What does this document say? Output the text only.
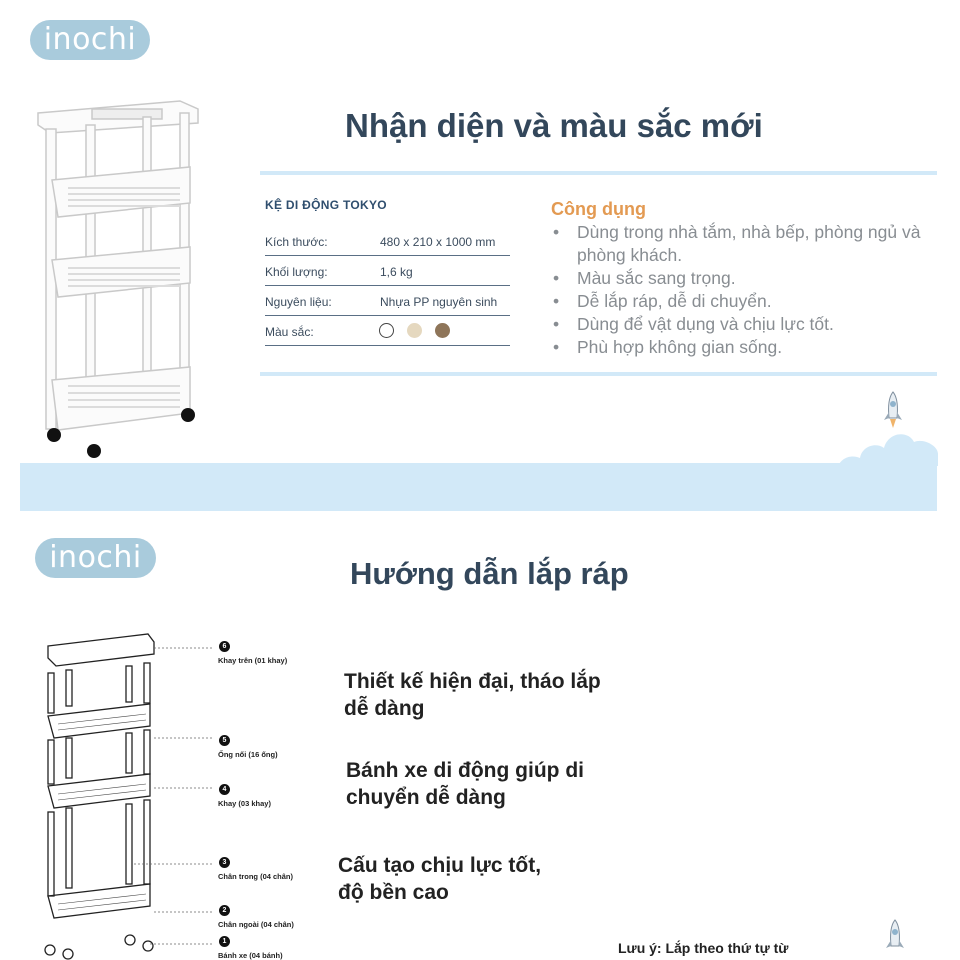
inochi
Nhận diện và màu sắc mới
KỆ DI ĐỘNG TOKYO
Kích thước:	480 x 210 x 1000 mm
Khối lượng:	1,6 kg
Nguyên liệu:	Nhựa PP nguyên sinh
Màu sắc:
Công dụng
• Dùng trong nhà tắm, nhà bếp, phòng ngủ và phòng khách.
• Màu sắc sang trọng.
• Dễ lắp ráp, dễ di chuyển.
• Dùng để vật dụng và chịu lực tốt.
• Phù hợp không gian sống.
inochi	Hướng dẫn lắp ráp
6
Khay trên (01 khay)
5
Ống nối (16 ống)
4
Khay (03 khay)
3
Chân trong (04 chân)
2
Chân ngoài (04 chân)
1
Bánh xe (04 bánh)
Thiết kế hiện đại, tháo lắp
dễ dàng
Bánh xe di động giúp di
chuyển dễ dàng
Cấu tạo chịu lực tốt,
độ bền cao
Lưu ý: Lắp theo thứ tự từ
